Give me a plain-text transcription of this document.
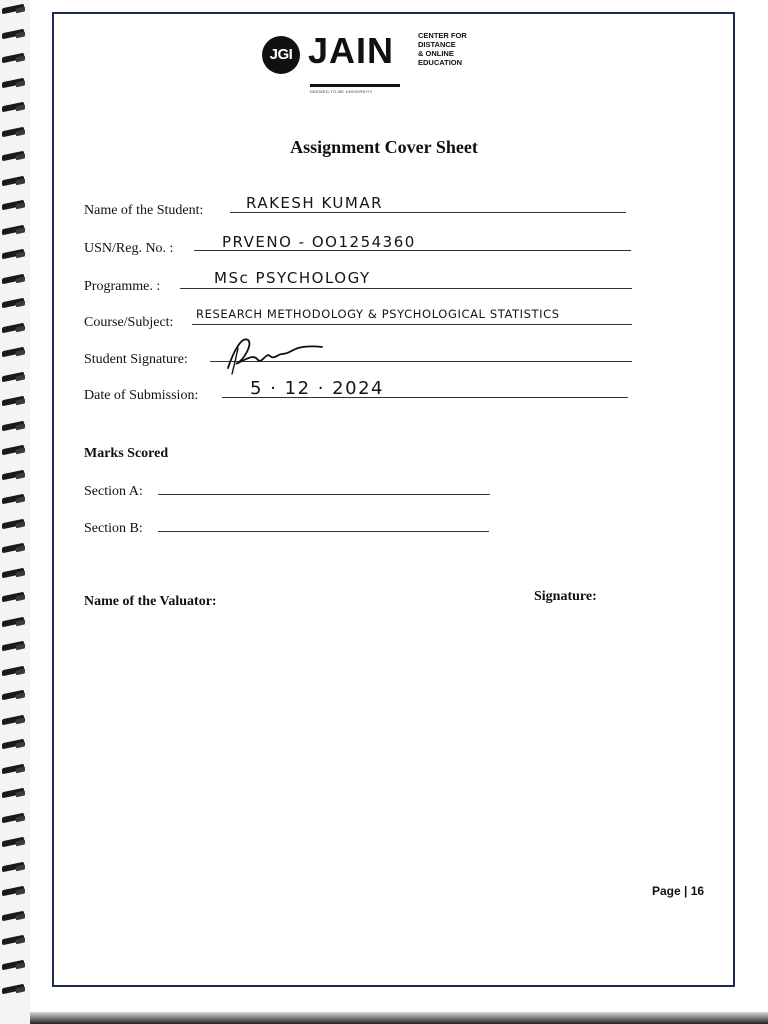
JGI JAIN
DEEMED-TO-BE UNIVERSITY
CENTER FOR
DISTANCE
& ONLINE
EDUCATION
Assignment Cover Sheet
Name of the Student:	RAKESH KUMAR
USN/Reg. No. :	PRVENO - OO1254360
Programme. :	MSc PSYCHOLOGY
Course/Subject:
RESEARCH METHODOLOGY & PSYCHOLOGICAL STATISTICS
Student Signature:
Date of Submission:	5 · 12 · 2024
Marks Scored
Section A:
Section B:
Name of the Valuator:	Signature:
Page | 16
